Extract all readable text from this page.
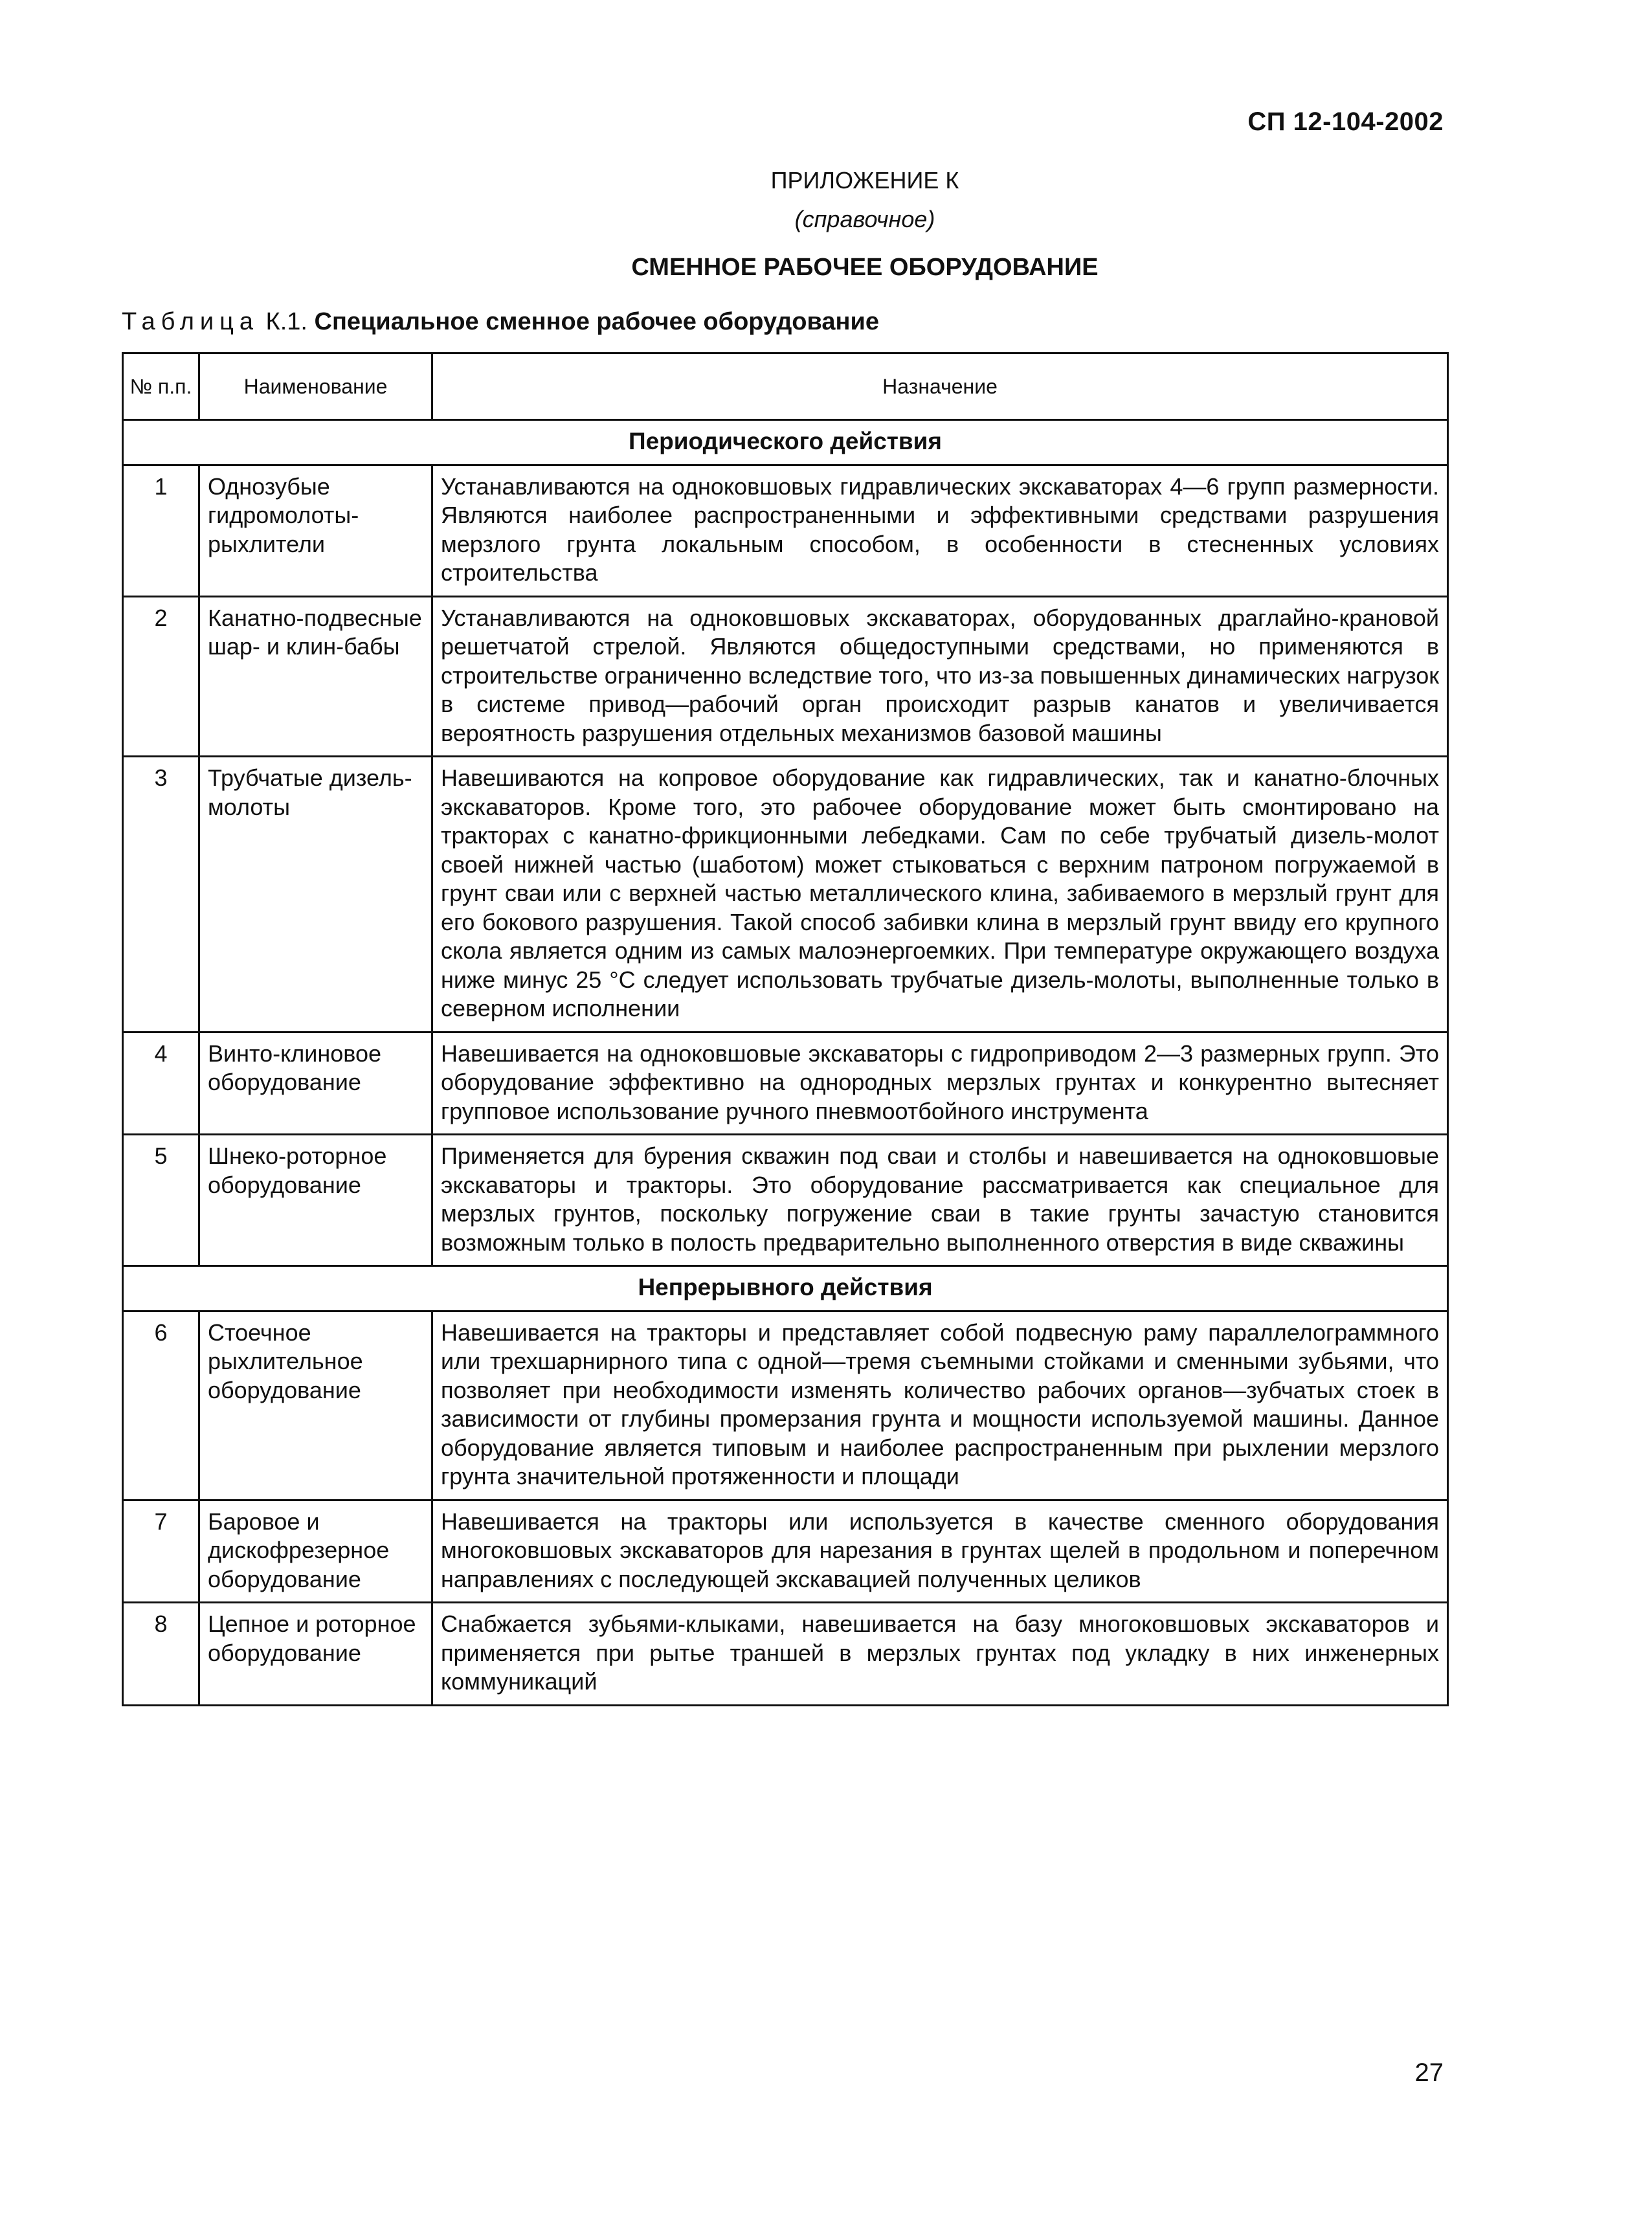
СП 12-104-2002
ПРИЛОЖЕНИЕ К
(справочное)
СМЕННОЕ РАБОЧЕЕ ОБОРУДОВАНИЕ
Таблица К.1. Специальное сменное рабочее оборудование
№ п.п.	Наименование	Назначение
Периодического действия		
1	Однозубые гидромолоты-рыхлители	Устанавливаются на одноковшовых гидравлических экскаваторах 4—6 групп размерности. Являются наиболее распространенными и эффективными средствами разрушения мерзлого грунта локальным способом, в особенности в стесненных условиях строительства
2	Канатно-подвесные шар- и клин-бабы	Устанавливаются на одноковшовых экскаваторах, оборудованных драглайно-крановой решетчатой стрелой. Являются общедоступными средствами, но применяются в строительстве ограниченно вследствие того, что из-за повышенных динамических нагрузок в системе привод—рабочий орган происходит разрыв канатов и увеличивается вероятность разрушения отдельных механизмов базовой машины
3	Трубчатые дизель-молоты	Навешиваются на копровое оборудование как гидравлических, так и канатно-блочных экскаваторов. Кроме того, это рабочее оборудование может быть смонтировано на тракторах с канатно-фрикционными лебедками. Сам по себе трубчатый дизель-молот своей нижней частью (шаботом) может стыковаться с верхним патроном погружаемой в грунт сваи или с верхней частью металлического клина, забиваемого в мерзлый грунт для его бокового разрушения. Такой способ забивки клина в мерзлый грунт ввиду его крупного скола является одним из самых малоэнергоемких. При температуре окружающего воздуха ниже минус 25 °С следует использовать трубчатые дизель-молоты, выполненные только в северном исполнении
4	Винто-клиновое оборудование	Навешивается на одноковшовые экскаваторы с гидроприводом 2—3 размерных групп. Это оборудование эффективно на однородных мерзлых грунтах и конкурентно вытесняет групповое использование ручного пневмоотбойного инструмента
5	Шнеко-роторное оборудование	Применяется для бурения скважин под сваи и столбы и навешивается на одноковшовые экскаваторы и тракторы. Это оборудование рассматривается как специальное для мерзлых грунтов, поскольку погружение сваи в такие грунты зачастую становится возможным только в полость предварительно выполненного отверстия в виде скважины
Непрерывного действия		
6	Стоечное рыхлительное оборудование	Навешивается на тракторы и представляет собой подвесную раму параллелограммного или трехшарнирного типа с одной—тремя съемными стойками и сменными зубьями, что позволяет при необходимости изменять количество рабочих органов—зубчатых стоек в зависимости от глубины промерзания грунта и мощности используемой машины. Данное оборудование является типовым и наиболее распространенным при рыхлении мерзлого грунта значительной протяженности и площади
7	Баровое и дискофрезерное оборудование	Навешивается на тракторы или используется в качестве сменного оборудования многоковшовых экскаваторов для нарезания в грунтах щелей в продольном и поперечном направлениях с последующей экскавацией полученных целиков
8	Цепное и роторное оборудование	Снабжается зубьями-клыками, навешивается на базу многоковшовых экскаваторов и применяется при рытье траншей в мерзлых грунтах под укладку в них инженерных коммуникаций
27
